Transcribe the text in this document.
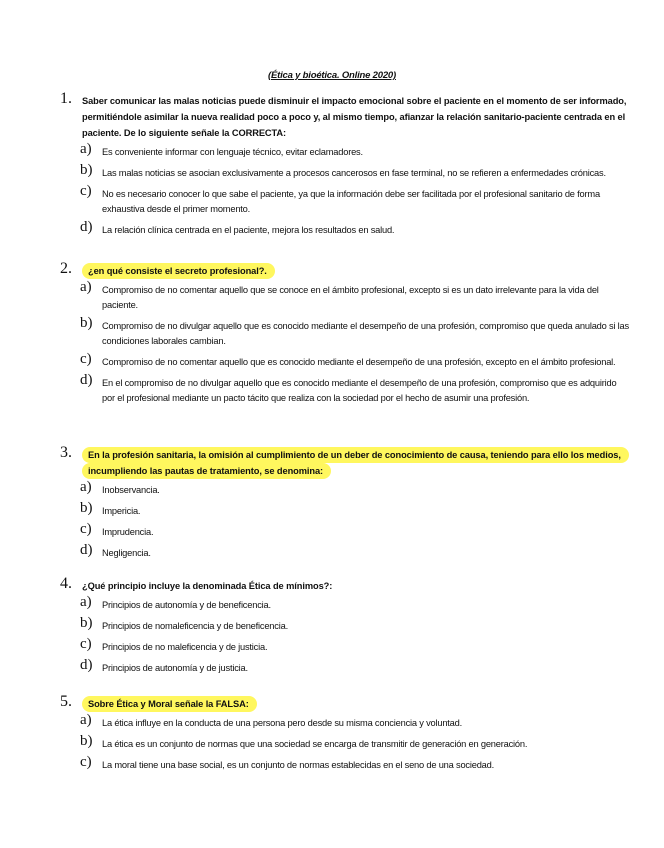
(Ética y bioética. Online 2020)
1. Saber comunicar las malas noticias puede disminuir el impacto emocional sobre el paciente en el momento de ser informado, permitiéndole asimilar la nueva realidad poco a poco y, al mismo tiempo, afianzar la relación sanitario-paciente centrada en el paciente. De lo siguiente señale la CORRECTA:
a) Es conveniente informar con lenguaje técnico, evitar eclamadores.
b) Las malas noticias se asocian exclusivamente a procesos cancerosos en fase terminal, no se refieren a enfermedades crónicas.
c) No es necesario conocer lo que sabe el paciente, ya que la información debe ser facilitada por el profesional sanitario de forma exhaustiva desde el primer momento.
d) La relación clínica centrada en el paciente, mejora los resultados en salud.
2.	¿en qué consiste el secreto profesional?.
a) Compromiso de no comentar aquello que se conoce en el ámbito profesional, excepto si es un dato irrelevante para la vida del paciente.
b) Compromiso de no divulgar aquello que es conocido mediante el desempeño de una profesión, compromiso que queda anulado si las condiciones laborales cambian.
c) Compromiso de no comentar aquello que es conocido mediante el desempeño de una profesión, excepto en el ámbito profesional.
d) En el compromiso de no divulgar aquello que es conocido mediante el desempeño de una profesión, compromiso que es adquirido por el profesional mediante un pacto tácito que realiza con la sociedad por el hecho de asumir una profesión.
3.	En la profesión sanitaria, la omisión al cumplimiento de un deber de conocimiento de causa, teniendo para ello los medios, incumpliendo las pautas de tratamiento, se denomina:
a) Inobservancia.
b) Impericia.
c) Imprudencia.
d) Negligencia.
4. ¿Qué principio incluye la denominada Ética de mínimos?:
a) Principios de autonomía y de beneficencia.
b) Principios de nomaleficencia y de beneficencia.
c) Principios de no maleficencia y de justicia.
d) Principios de autonomía y de justicia.
5.	Sobre Ética y Moral señale la FALSA:
a) La ética influye en la conducta de una persona pero desde su misma conciencia y voluntad.
b) La ética es un conjunto de normas que una sociedad se encarga de transmitir de generación en generación.
c) La moral tiene una base social, es un conjunto de normas establecidas en el seno de una sociedad.
